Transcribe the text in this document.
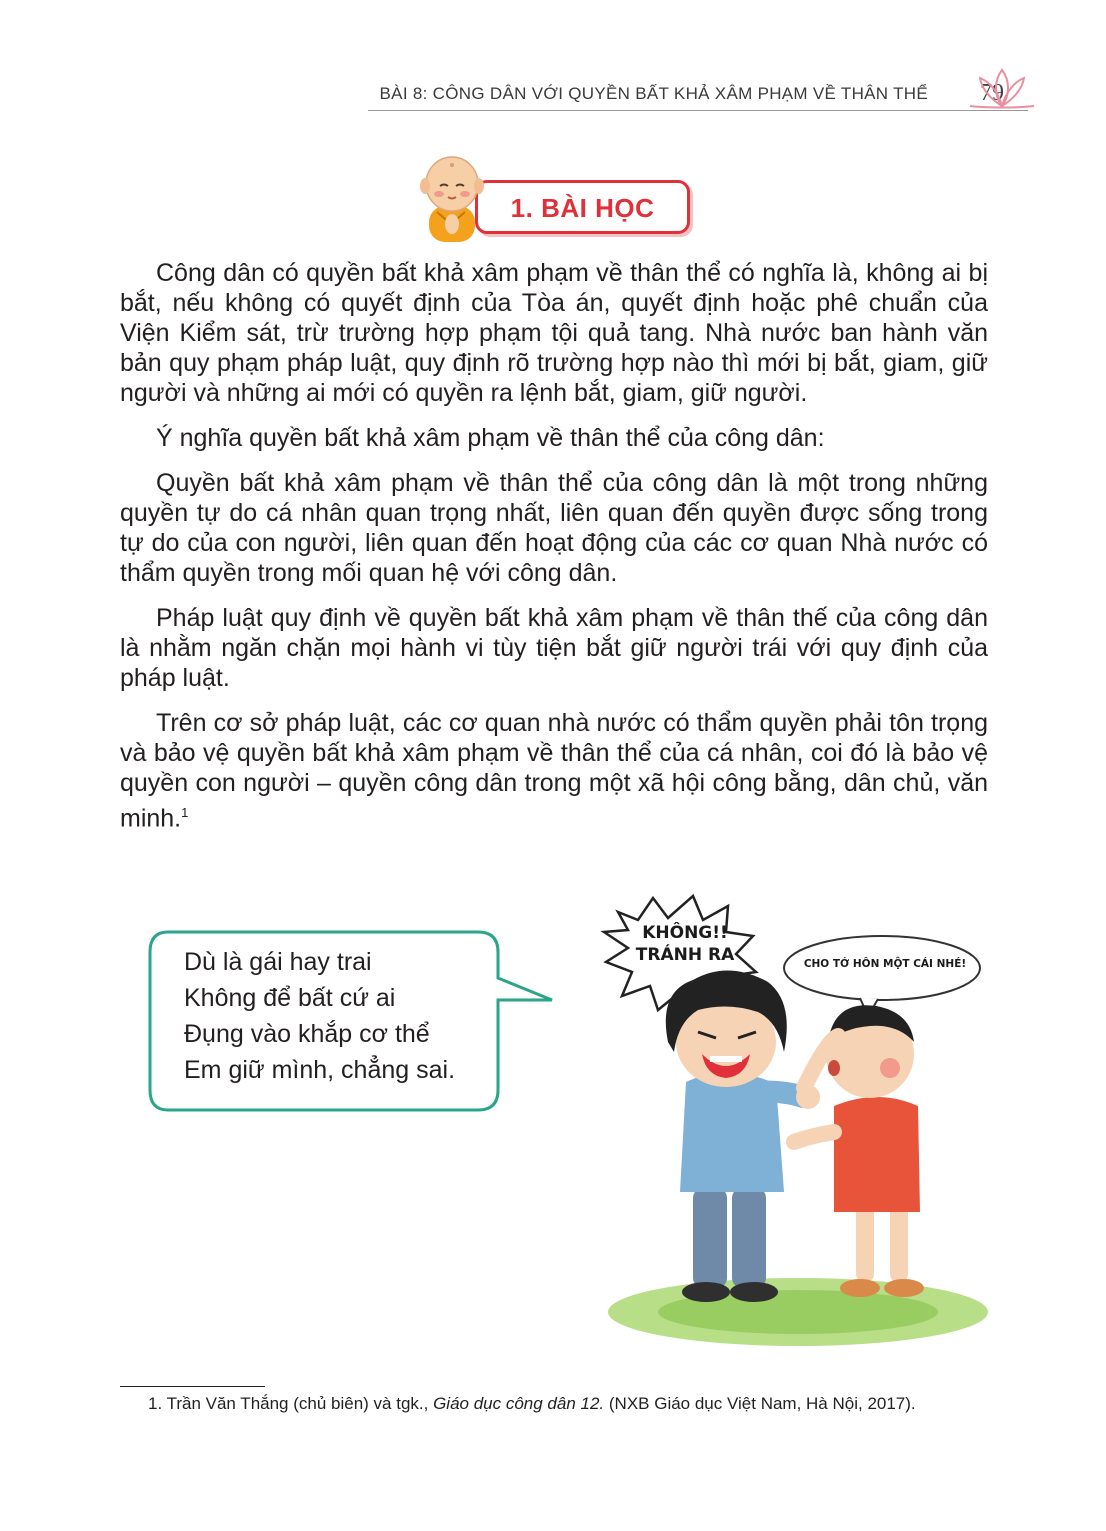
BÀI 8: CÔNG DÂN VỚI QUYỀN BẤT KHẢ XÂM PHẠM VỀ THÂN THỂ 79
1. BÀI HỌC

Công dân có quyền bất khả xâm phạm về thân thể có nghĩa là, không ai bị bắt, nếu không có quyết định của Tòa án, quyết định hoặc phê chuẩn của Viện Kiểm sát, trừ trường hợp phạm tội quả tang. Nhà nước ban hành văn bản quy phạm pháp luật, quy định rõ trường hợp nào thì mới bị bắt, giam, giữ người và những ai mới có quyền ra lệnh bắt, giam, giữ người.

Ý nghĩa quyền bất khả xâm phạm về thân thể của công dân:

Quyền bất khả xâm phạm về thân thể của công dân là một trong những quyền tự do cá nhân quan trọng nhất, liên quan đến quyền được sống trong tự do của con người, liên quan đến hoạt động của các cơ quan Nhà nước có thẩm quyền trong mối quan hệ với công dân.

Pháp luật quy định về quyền bất khả xâm phạm về thân thế của công dân là nhằm ngăn chặn mọi hành vi tùy tiện bắt giữ người trái với quy định của pháp luật.

Trên cơ sở pháp luật, các cơ quan nhà nước có thẩm quyền phải tôn trọng và bảo vệ quyền bất khả xâm phạm về thân thể của cá nhân, coi đó là bảo vệ quyền con người – quyền công dân trong một xã hội công bằng, dân chủ, văn minh.$^1$

Dù là gái hay trai
Không để bất cứ ai
Đụng vào khắp cơ thể
Em giữ mình, chẳng sai.
KHÔNG!!
TRÁNH RA	CHO TỚ HÔN MỘT CÁI NHÉ!
1. Trần Văn Thắng (chủ biên) và tgk., Giáo dục công dân 12. (NXB Giáo dục Việt Nam, Hà Nội, 2017).
